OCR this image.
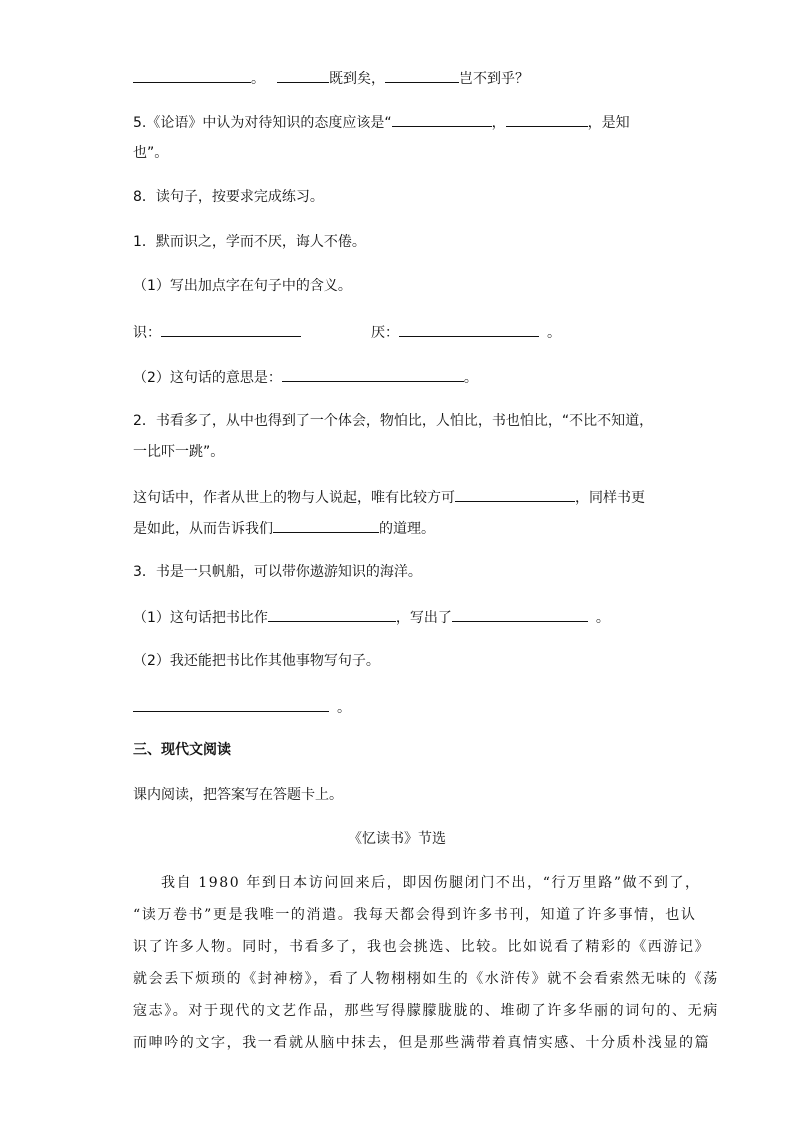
。	既到矣，	岂不到乎？
5.《论语》中认为对待知识的态度应该是“	，	，是知
也”。
8．读句子，按要求完成练习。
1．默而识之，学而不厌，诲人不倦。
（1）写出加点字在句子中的含义。
识：	厌：	。
（2）这句话的意思是：	。
2．书看多了，从中也得到了一个体会，物怕比，人怕比，书也怕比，“不比不知道，
一比吓一跳”。
这句话中，作者从世上的物与人说起，唯有比较方可	，同样书更
是如此，从而告诉我们	的道理。
3．书是一只帆船，可以带你遨游知识的海洋。
（1）这句话把书比作	，写出了	。
（2）我还能把书比作其他事物写句子。
。
三、现代文阅读
课内阅读，把答案写在答题卡上。
《忆读书》节选
我自 1980 年到日本访问回来后，即因伤腿闭门不出，“行万里路”做不到了，
“读万卷书”更是我唯一的消遣。我每天都会得到许多书刊，知道了许多事情，也认
识了许多人物。同时，书看多了，我也会挑选、比较。比如说看了精彩的《西游记》
就会丢下烦琐的《封神榜》，看了人物栩栩如生的《水浒传》就不会看索然无味的《荡
寇志》。对于现代的文艺作品，那些写得朦朦胧胧的、堆砌了许多华丽的词句的、无病
而呻吟的文字，我一看就从脑中抹去，但是那些满带着真情实感、十分质朴浅显的篇
